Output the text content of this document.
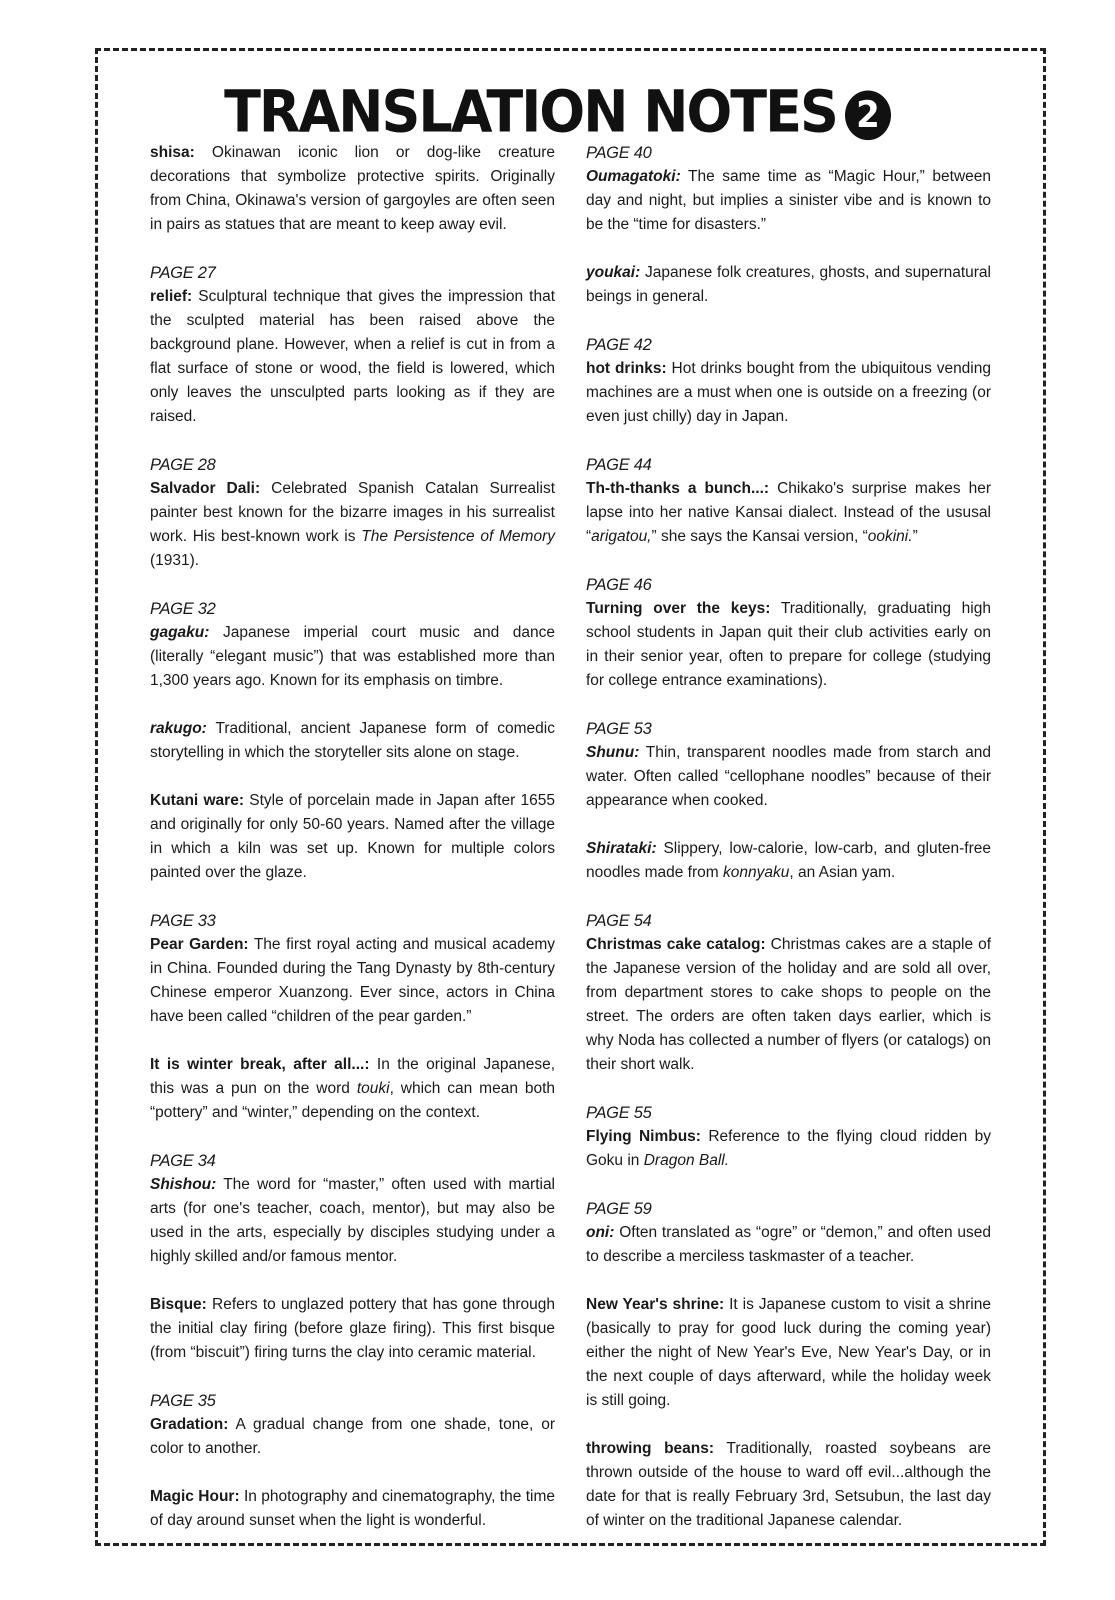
TRANSLATION NOTES 2
shisa: Okinawan iconic lion or dog-like creature decorations that symbolize protective spirits. Originally from China, Okinawa's version of gargoyles are often seen in pairs as statues that are meant to keep away evil.
PAGE 27
relief: Sculptural technique that gives the impression that the sculpted material has been raised above the background plane. However, when a relief is cut in from a flat surface of stone or wood, the field is lowered, which only leaves the unsculpted parts looking as if they are raised.
PAGE 28
Salvador Dali: Celebrated Spanish Catalan Surrealist painter best known for the bizarre images in his surrealist work. His best-known work is The Persistence of Memory (1931).
PAGE 32
gagaku: Japanese imperial court music and dance (literally “elegant music”) that was established more than 1,300 years ago. Known for its emphasis on timbre.
rakugo: Traditional, ancient Japanese form of comedic storytelling in which the storyteller sits alone on stage.
Kutani ware: Style of porcelain made in Japan after 1655 and originally for only 50-60 years. Named after the village in which a kiln was set up. Known for multiple colors painted over the glaze.
PAGE 33
Pear Garden: The first royal acting and musical academy in China. Founded during the Tang Dynasty by 8th-century Chinese emperor Xuanzong. Ever since, actors in China have been called “children of the pear garden.”
It is winter break, after all...: In the original Japanese, this was a pun on the word touki, which can mean both “pottery” and “winter,” depending on the context.
PAGE 34
Shishou: The word for “master,” often used with martial arts (for one's teacher, coach, mentor), but may also be used in the arts, especially by disciples studying under a highly skilled and/or famous mentor.
Bisque: Refers to unglazed pottery that has gone through the initial clay firing (before glaze firing). This first bisque (from “biscuit”) firing turns the clay into ceramic material.
PAGE 35
Gradation: A gradual change from one shade, tone, or color to another.
Magic Hour: In photography and cinematography, the time of day around sunset when the light is wonderful.
PAGE 40
Oumagatoki: The same time as “Magic Hour,” between day and night, but implies a sinister vibe and is known to be the “time for disasters.”
youkai: Japanese folk creatures, ghosts, and supernatural beings in general.
PAGE 42
hot drinks: Hot drinks bought from the ubiquitous vending machines are a must when one is outside on a freezing (or even just chilly) day in Japan.
PAGE 44
Th-th-thanks a bunch...: Chikako's surprise makes her lapse into her native Kansai dialect. Instead of the ususal “arigatou,” she says the Kansai version, “ookini.”
PAGE 46
Turning over the keys: Traditionally, graduating high school students in Japan quit their club activities early on in their senior year, often to prepare for college (studying for college entrance examinations).
PAGE 53
Shunu: Thin, transparent noodles made from starch and water. Often called “cellophane noodles” because of their appearance when cooked.
Shirataki: Slippery, low-calorie, low-carb, and gluten-free noodles made from konnyaku, an Asian yam.
PAGE 54
Christmas cake catalog: Christmas cakes are a staple of the Japanese version of the holiday and are sold all over, from department stores to cake shops to people on the street. The orders are often taken days earlier, which is why Noda has collected a number of flyers (or catalogs) on their short walk.
PAGE 55
Flying Nimbus: Reference to the flying cloud ridden by Goku in Dragon Ball.
PAGE 59
oni: Often translated as “ogre” or “demon,” and often used to describe a merciless taskmaster of a teacher.
New Year's shrine: It is Japanese custom to visit a shrine (basically to pray for good luck during the coming year) either the night of New Year's Eve, New Year's Day, or in the next couple of days afterward, while the holiday week is still going.
throwing beans: Traditionally, roasted soybeans are thrown outside of the house to ward off evil...although the date for that is really February 3rd, Setsubun, the last day of winter on the traditional Japanese calendar.
